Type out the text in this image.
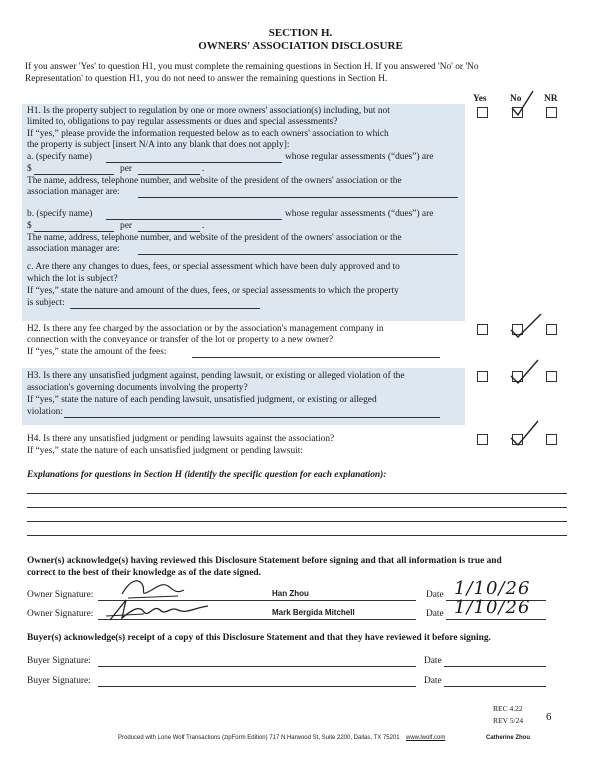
SECTION H.
OWNERS' ASSOCIATION DISCLOSURE
If you answer 'Yes' to question H1, you must complete the remaining questions in Section H. If you answered 'No' or 'No
Representation' to question H1, you do not need to answer the remaining questions in Section H.
Yes No NR
H1. Is the property subject to regulation by one or more owners' association(s) including, but not
limited to, obligations to pay regular assessments or dues and special assessments?
If “yes,” please provide the information requested below as to each owners' association to which
the property is subject [insert N/A into any blank that does not apply]:
a. (specify name)	whose regular assessments (“dues”) are
$	per	.
The name, address, telephone number, and website of the president of the owners' association or the
association manager are:
b. (specify name)	whose regular assessments (“dues”) are
$	per	.
The name, address, telephone number, and website of the president of the owners' association or the
association manager are:
c. Are there any changes to dues, fees, or special assessment which have been duly approved and to
which the lot is subject?
If “yes,” state the nature and amount of the dues, fees, or special assessments to which the property
is subject:
H2. Is there any fee charged by the association or by the association's management company in
connection with the conveyance or transfer of the lot or property to a new owner?
If “yes,” state the amount of the fees:
H3. Is there any unsatisfied judgment against, pending lawsuit, or existing or alleged violation of the
association's governing documents involving the property?
If “yes,” state the nature of each pending lawsuit, unsatisfied judgment, or existing or alleged
violation:
H4. Is there any unsatisfied judgment or pending lawsuits against the association?
If “yes,” state the nature of each unsatisfied judgment or pending lawsuit:
Explanations for questions in Section H (identify the specific question for each explanation):
Owner(s) acknowledge(s) having reviewed this Disclosure Statement before signing and that all information is true and
correct to the best of their knowledge as of the date signed.
Owner Signature:	Han Zhou	Date 1/10/26
Owner Signature:	Mark Bergida Mitchell	Date 1/10/26
Buyer(s) acknowledge(s) receipt of a copy of this Disclosure Statement and that they have reviewed it before signing.
Buyer Signature:	Date
Buyer Signature:	Date
REC 4.22
REV 5/24 6
Produced with Lone Wolf Transactions (zipForm Edition) 717 N Harwood St, Suite 2200, Dallas, TX 75201 www.lwolf.com	Catherine Zhou
